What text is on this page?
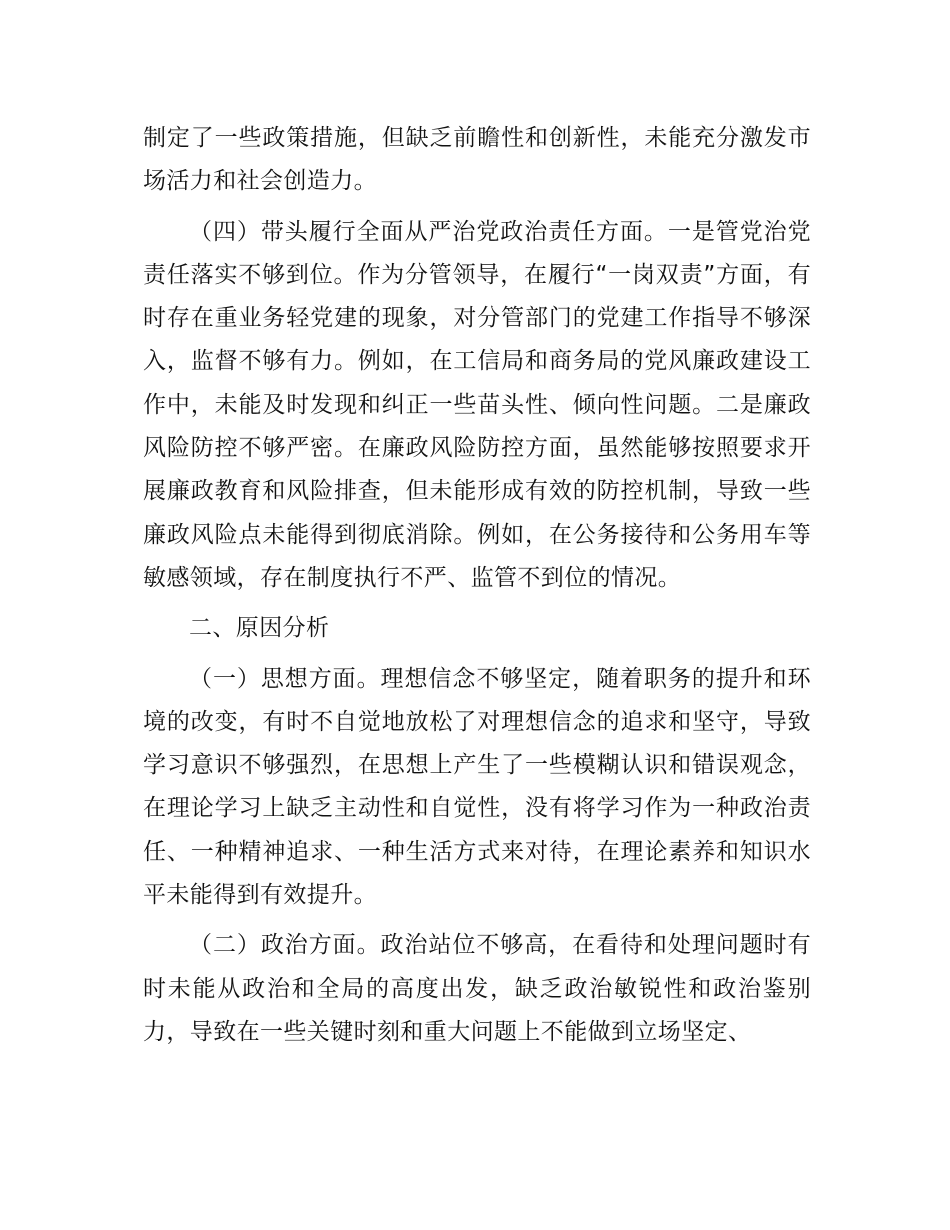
制定了一些政策措施，但缺乏前瞻性和创新性，未能充分激发市场活力和社会创造力。

（四）带头履行全面从严治党政治责任方面。一是管党治党责任落实不够到位。作为分管领导，在履行“一岗双责”方面，有时存在重业务轻党建的现象，对分管部门的党建工作指导不够深入，监督不够有力。例如，在工信局和商务局的党风廉政建设工作中，未能及时发现和纠正一些苗头性、倾向性问题。二是廉政风险防控不够严密。在廉政风险防控方面，虽然能够按照要求开展廉政教育和风险排查，但未能形成有效的防控机制，导致一些廉政风险点未能得到彻底消除。例如，在公务接待和公务用车等敏感领域，存在制度执行不严、监管不到位的情况。

二、原因分析

（一）思想方面。理想信念不够坚定，随着职务的提升和环境的改变，有时不自觉地放松了对理想信念的追求和坚守，导致学习意识不够强烈，在思想上产生了一些模糊认识和错误观念，在理论学习上缺乏主动性和自觉性，没有将学习作为一种政治责任、一种精神追求、一种生活方式来对待，在理论素养和知识水平未能得到有效提升。

（二）政治方面。政治站位不够高，在看待和处理问题时有时未能从政治和全局的高度出发，缺乏政治敏锐性和政治鉴别力，导致在一些关键时刻和重大问题上不能做到立场坚定、
